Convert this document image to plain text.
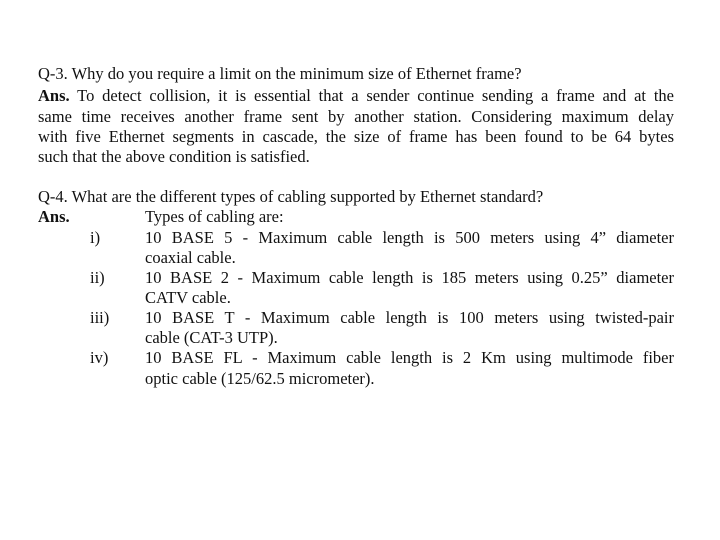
Q-3. Why do you require a limit on the minimum size of Ethernet frame?
Ans. To detect collision, it is essential that a sender continue sending a frame and at the
same time receives another frame sent by another station. Considering maximum delay
with five Ethernet segments in cascade, the size of frame has been found to be 64 bytes
such that the above condition is satisfied.
Q-4. What are the different types of cabling supported by Ethernet standard?
Ans.	Types of cabling are:
i)	10 BASE 5 - Maximum cable length is 500 meters using 4” diameter
coaxial cable.
ii) 10 BASE 2 - Maximum cable length is 185 meters using 0.25” diameter
CATV cable.
iii) 10 BASE T - Maximum cable length is 100 meters using twisted-pair
cable (CAT-3 UTP).
iv) 10 BASE FL - Maximum cable length is 2 Km using multimode fiber
optic cable (125/62.5 micrometer).
